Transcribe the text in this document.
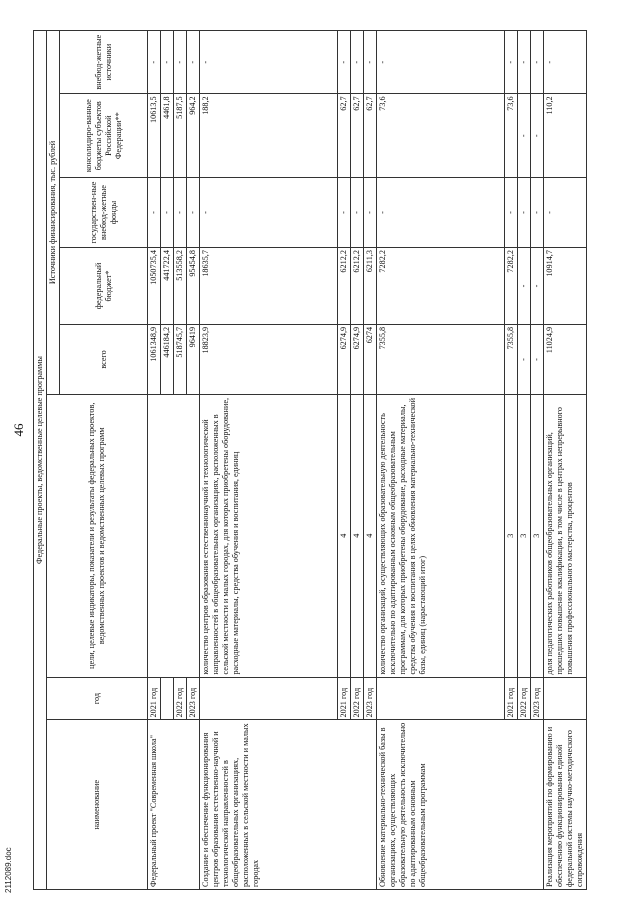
46 Федеральные проекты, ведомственные целевые программы							
наименование	год	цели, целевые индикаторы, показатели и результаты федеральных проектов, ведомственных проектов и ведомственных целевых программ	Источники финансирования, тыс. рублей				
			всего	федеральный бюджет*	государствен-ные внебюд-жетные фонды	консолидиро-ванные бюджеты субъектов Российской Федерации**	внебюд-жетные источники
Федеральный проект "Современная школа"	2021 год		1061348,9	1050735,4	-	10613,5	-
			446184,2	441722,4	-	4461,8	-
	2022 год		518745,7	513558,2	-	5187,5	-
	2023 год		96419	95454,8	-	964,2	-
Создание и обеспечение функционирования центров образования естественно-научной и технологической направленностей в общеобразовательных организациях, расположенных в сельской местности и малых городах		количество центров образования естественнонаучной и технологической направленностей в общеобразовательных организациях, расположенных в сельской местности и малых городах, для которых приобретены оборудование, расходные материалы, средства обучения и воспитания, единиц	18823,9	18635,7	-	188,2	-
	2021 год	4	6274,9	6212,2	-	62,7	-
	2022 год	4	6274,9	6212,2	-	62,7	-
	2023 год	4	6274	6211,3	-	62,7	-
Обновление материально-технической базы в организациях, осуществляющих образовательную деятельность исключительно по адаптированным основным общеобразовательным программам		количество организаций, осуществляющих образовательную деятельность исключительно по адаптированным основным общеобразовательным программам, для которых приобретены оборудование, расходные материалы, средства обучения и воспитания в целях обновления материально-технической базы, единиц (нарастающий итог)	7355,8	7282,2	-	73,6	-
	2021 год	3	7355,8	7282,2	-	73,6	-
	2022 год	3	-	-	-	-	-
	2023 год	3	-	-	-	-	-
Реализация мероприятий по формированию и обеспечению функционирования единой федеральной системы научно-методического сопровождения		доля педагогических работников общеобразовательных организаций, прошедших повышение квалификации, в том числе в центрах непрерывного повышения профессионального мастерства, процентов	11024,9	10914,7	-	110,2	-
2112089.doc
